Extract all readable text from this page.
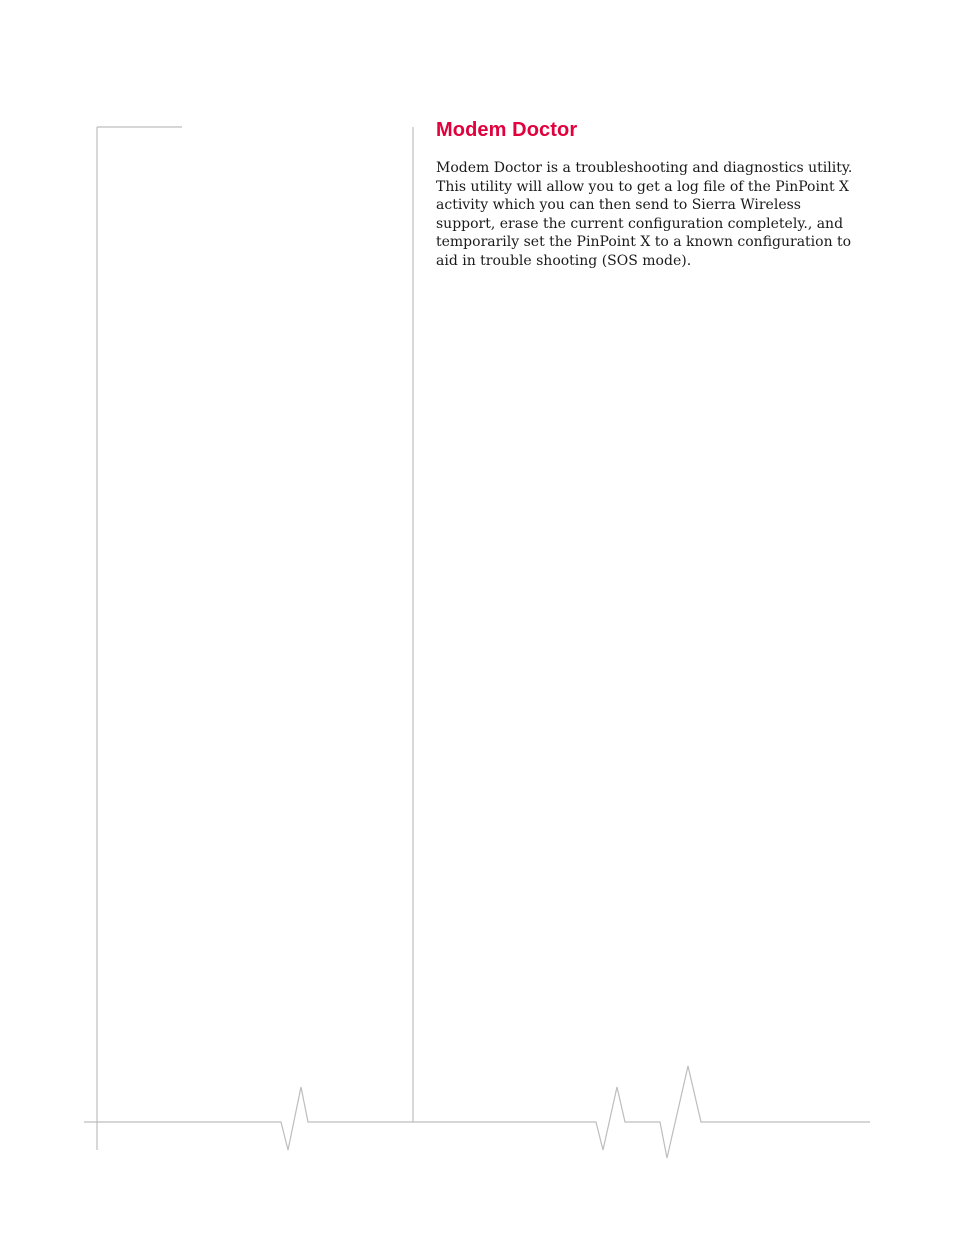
Modem Doctor

Modem Doctor is a troubleshooting and diagnostics utility. This utility will allow you to get a log file of the PinPoint X activity which you can then send to Sierra Wireless support, erase the current configuration completely., and temporarily set the PinPoint X to a known configuration to aid in trouble shooting (SOS mode).
